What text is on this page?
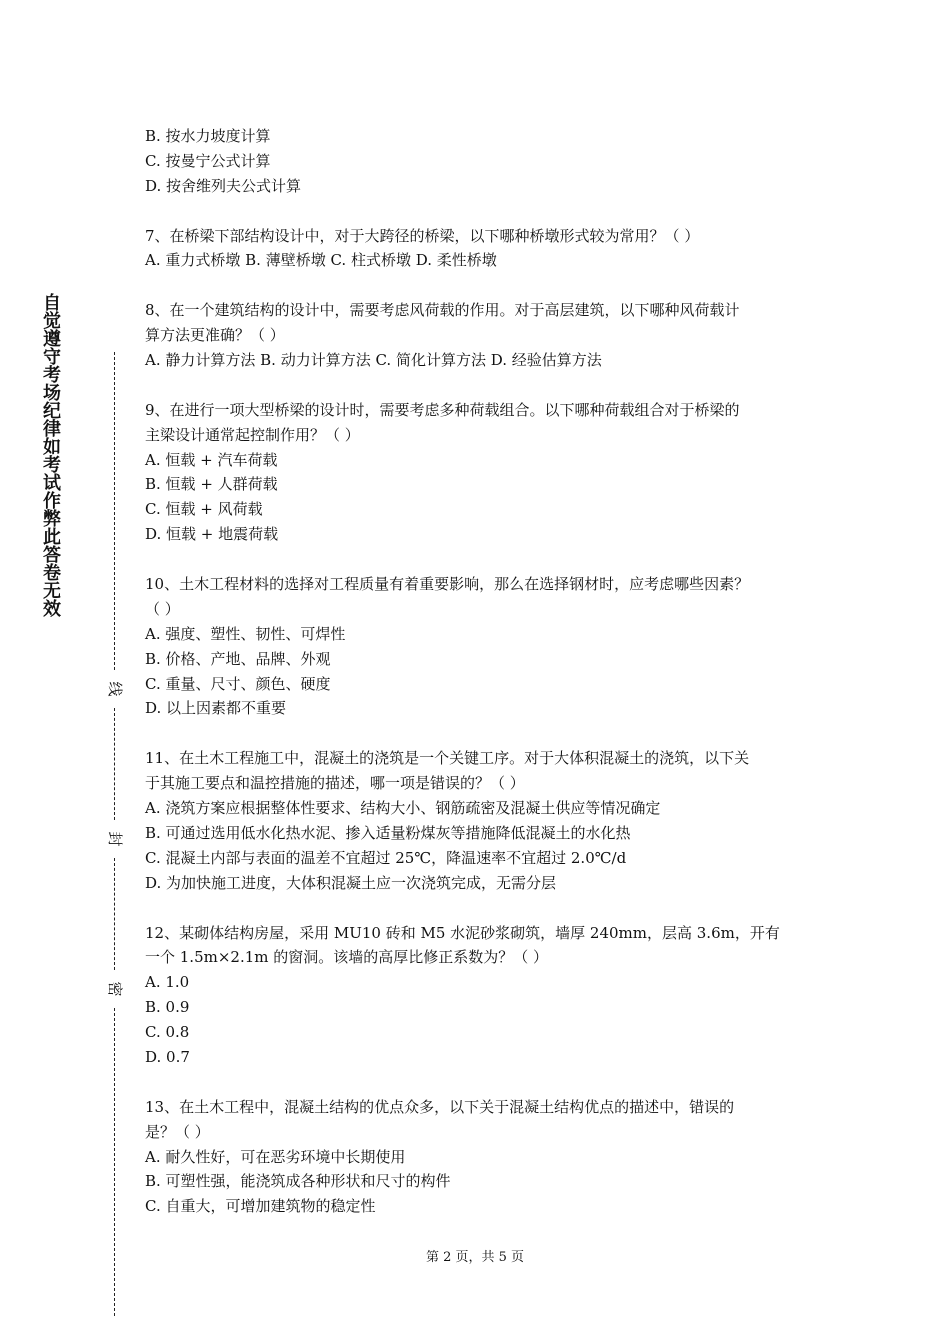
自觉遵守考场纪律如考试作弊此答卷无效
线
封
密
B. 按水力坡度计算
C. 按曼宁公式计算
D. 按舍维列夫公式计算
7、在桥梁下部结构设计中，对于大跨径的桥梁，以下哪种桥墩形式较为常用？（ ）
A. 重力式桥墩 B. 薄壁桥墩 C. 柱式桥墩 D. 柔性桥墩
8、在一个建筑结构的设计中，需要考虑风荷载的作用。对于高层建筑，以下哪种风荷载计
算方法更准确？（ ）
A. 静力计算方法 B. 动力计算方法 C. 简化计算方法 D. 经验估算方法
9、在进行一项大型桥梁的设计时，需要考虑多种荷载组合。以下哪种荷载组合对于桥梁的
主梁设计通常起控制作用？（ ）
A. 恒载 + 汽车荷载
B. 恒载 + 人群荷载
C. 恒载 + 风荷载
D. 恒载 + 地震荷载
10、土木工程材料的选择对工程质量有着重要影响，那么在选择钢材时，应考虑哪些因素？
（ ）
A. 强度、塑性、韧性、可焊性
B. 价格、产地、品牌、外观
C. 重量、尺寸、颜色、硬度
D. 以上因素都不重要
11、在土木工程施工中，混凝土的浇筑是一个关键工序。对于大体积混凝土的浇筑，以下关
于其施工要点和温控措施的描述，哪一项是错误的？（ ）
A. 浇筑方案应根据整体性要求、结构大小、钢筋疏密及混凝土供应等情况确定
B. 可通过选用低水化热水泥、掺入适量粉煤灰等措施降低混凝土的水化热
C. 混凝土内部与表面的温差不宜超过 25℃，降温速率不宜超过 2.0℃/d
D. 为加快施工进度，大体积混凝土应一次浇筑完成，无需分层
12、某砌体结构房屋，采用 MU10 砖和 M5 水泥砂浆砌筑，墙厚 240mm，层高 3.6m，开有
一个 1.5m×2.1m 的窗洞。该墙的高厚比修正系数为？（ ）
A. 1.0
B. 0.9
C. 0.8
D. 0.7
13、在土木工程中，混凝土结构的优点众多，以下关于混凝土结构优点的描述中，错误的
是？（ ）
A. 耐久性好，可在恶劣环境中长期使用
B. 可塑性强，能浇筑成各种形状和尺寸的构件
C. 自重大，可增加建筑物的稳定性
第 2 页，共 5 页
